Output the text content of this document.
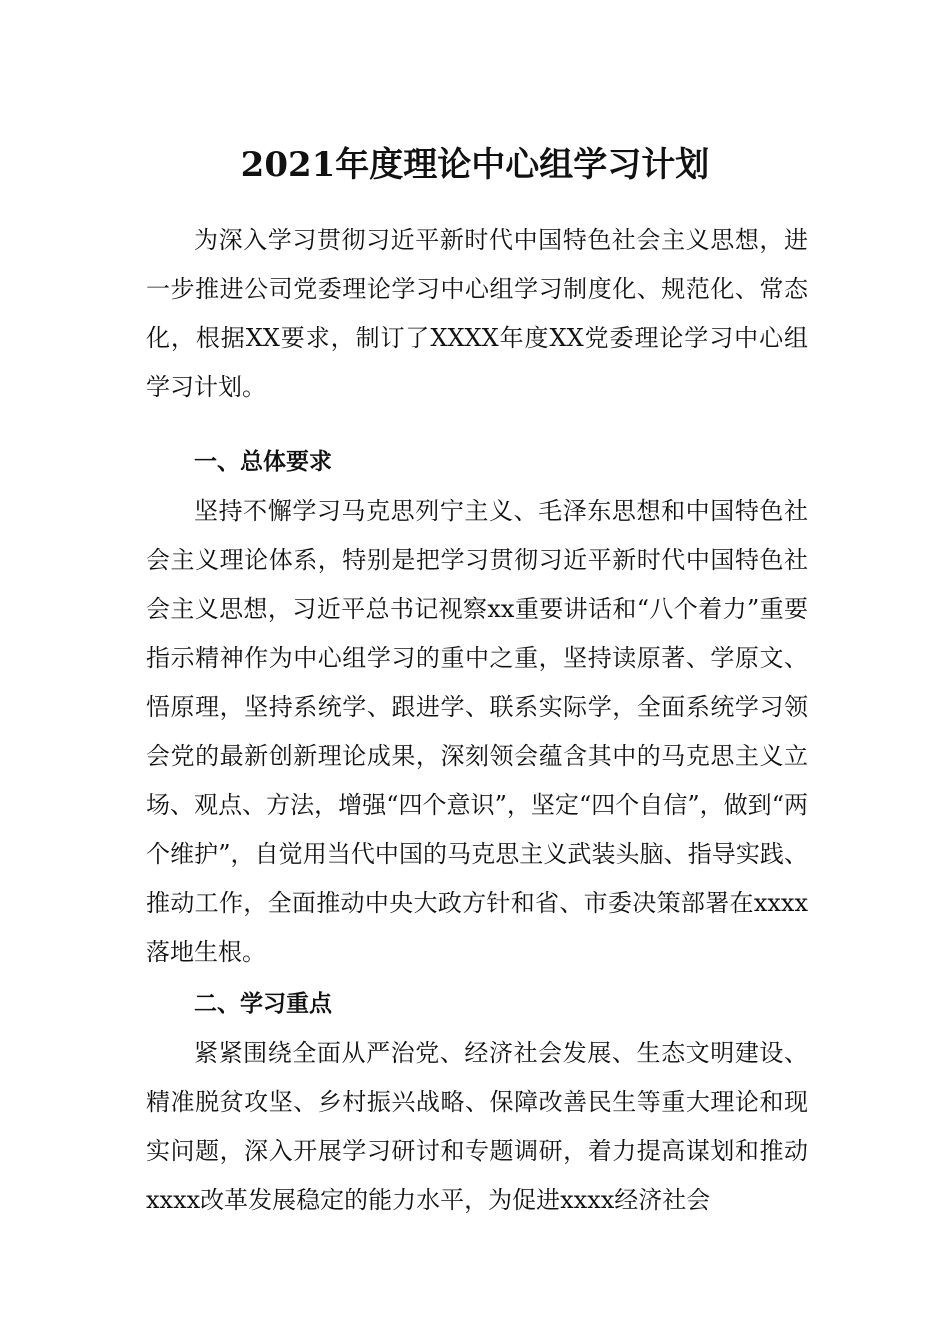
2021年度理论中心组学习计划

为深入学习贯彻习近平新时代中国特色社会主义思想，进一步推进公司党委理论学习中心组学习制度化、规范化、常态化，根据XX要求，制订了XXXX年度XX党委理论学习中心组学习计划。

一、总体要求

坚持不懈学习马克思列宁主义、毛泽东思想和中国特色社会主义理论体系，特别是把学习贯彻习近平新时代中国特色社会主义思想，习近平总书记视察xx重要讲话和“八个着力”重要指示精神作为中心组学习的重中之重，坚持读原著、学原文、悟原理，坚持系统学、跟进学、联系实际学，全面系统学习领会党的最新创新理论成果，深刻领会蕴含其中的马克思主义立场、观点、方法，增强“四个意识”，坚定“四个自信”，做到“两个维护”，自觉用当代中国的马克思主义武装头脑、指导实践、推动工作，全面推动中央大政方针和省、市委决策部署在xxxx落地生根。

二、学习重点

紧紧围绕全面从严治党、经济社会发展、生态文明建设、精准脱贫攻坚、乡村振兴战略、保障改善民生等重大理论和现实问题，深入开展学习研讨和专题调研，着力提高谋划和推动xxxx改革发展稳定的能力水平，为促进xxxx经济社会
